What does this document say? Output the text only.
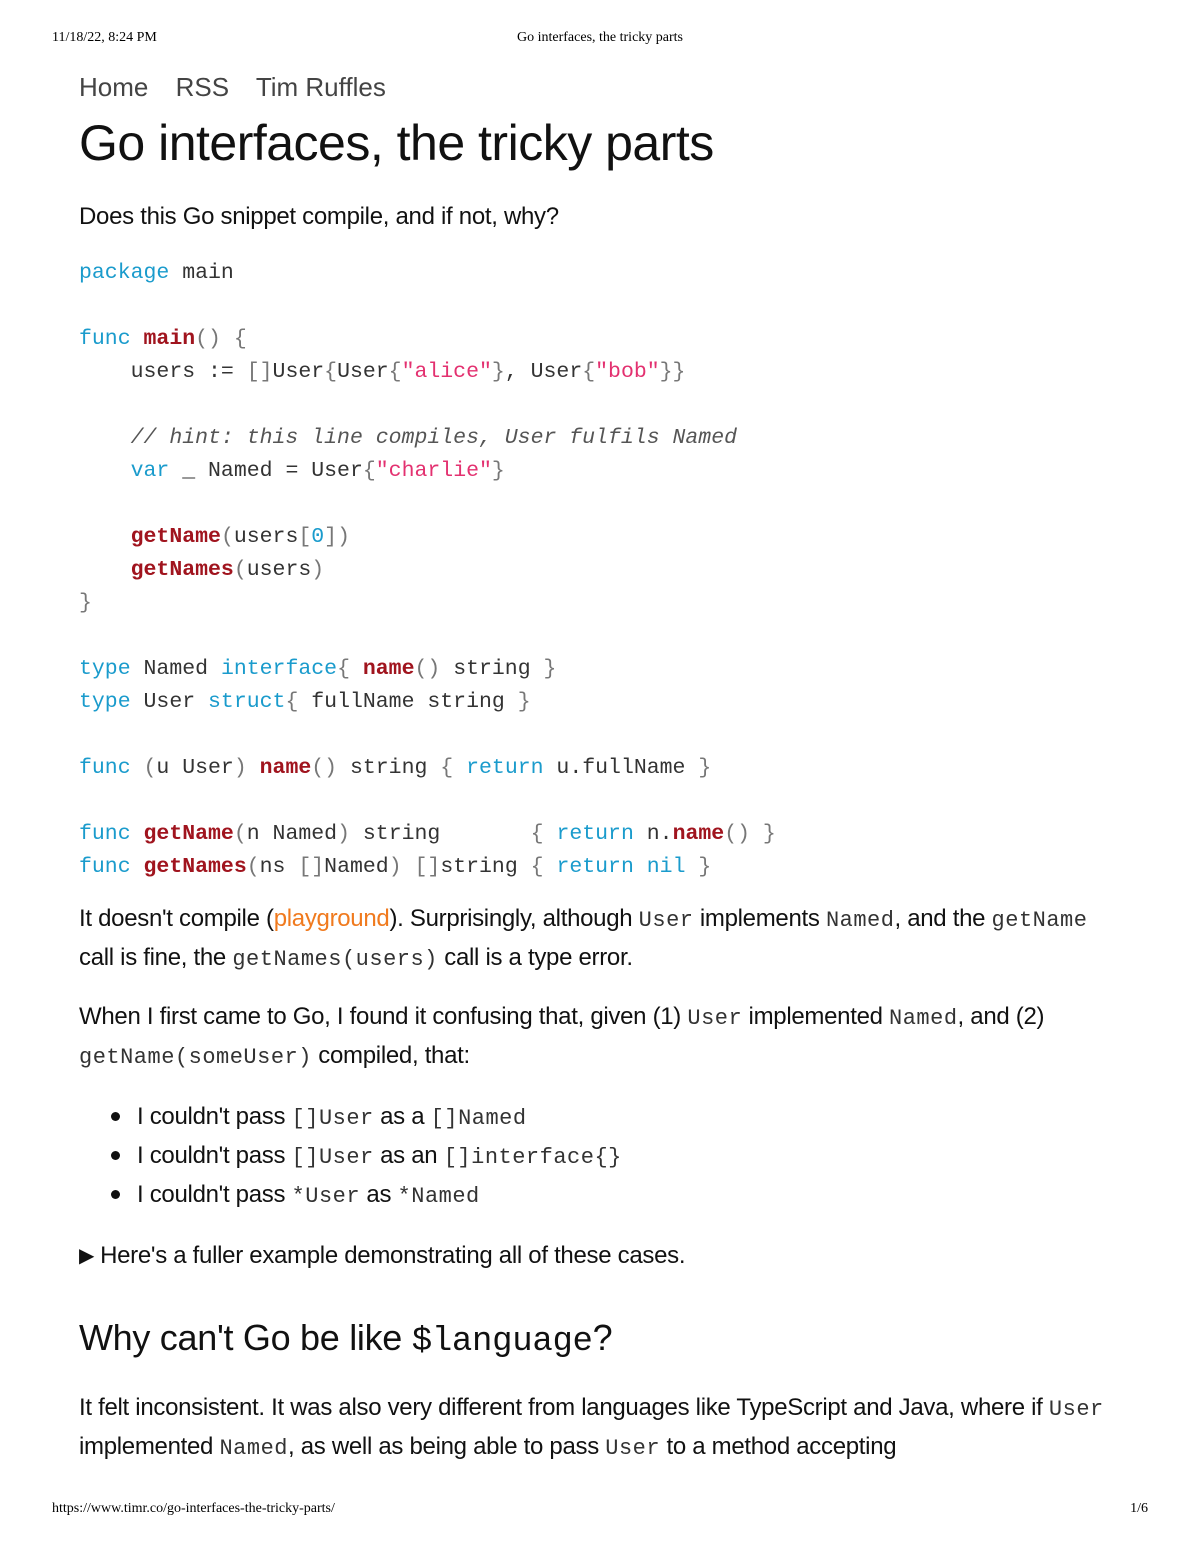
11/18/22, 8:24 PM	Go interfaces, the tricky parts
Home RSS Tim Ruffles
Go interfaces, the tricky parts

Does this Go snippet compile, and if not, why?

package main

func main() {
users := []User{User{"alice"}, User{"bob"}}

// hint: this line compiles, User fulfils Named
var _ Named = User{"charlie"}

getName(users[0])
getNames(users)
}

type Named interface{ name() string }
type User struct{ fullName string }

func (u User) name() string { return u.fullName }

func getName(n Named) string       { return n.name() }
func getNames(ns []Named) []string { return nil }

It doesn't compile (playground). Surprisingly, although User implements Named, and the getName call is fine, the getNames(users) call is a type error.

When I first came to Go, I found it confusing that, given (1) User implemented Named, and (2) getName(someUser) compiled, that:

I couldn't pass []User as a []Named
I couldn't pass []User as an []interface{}
I couldn't pass *User as *Named
▶ Here's a fuller example demonstrating all of these cases.
Why can't Go be like $language?

It felt inconsistent. It was also very different from languages like TypeScript and Java, where if User implemented Named, as well as being able to pass User to a method accepting

https://www.timr.co/go-interfaces-the-tricky-parts/	1/6
